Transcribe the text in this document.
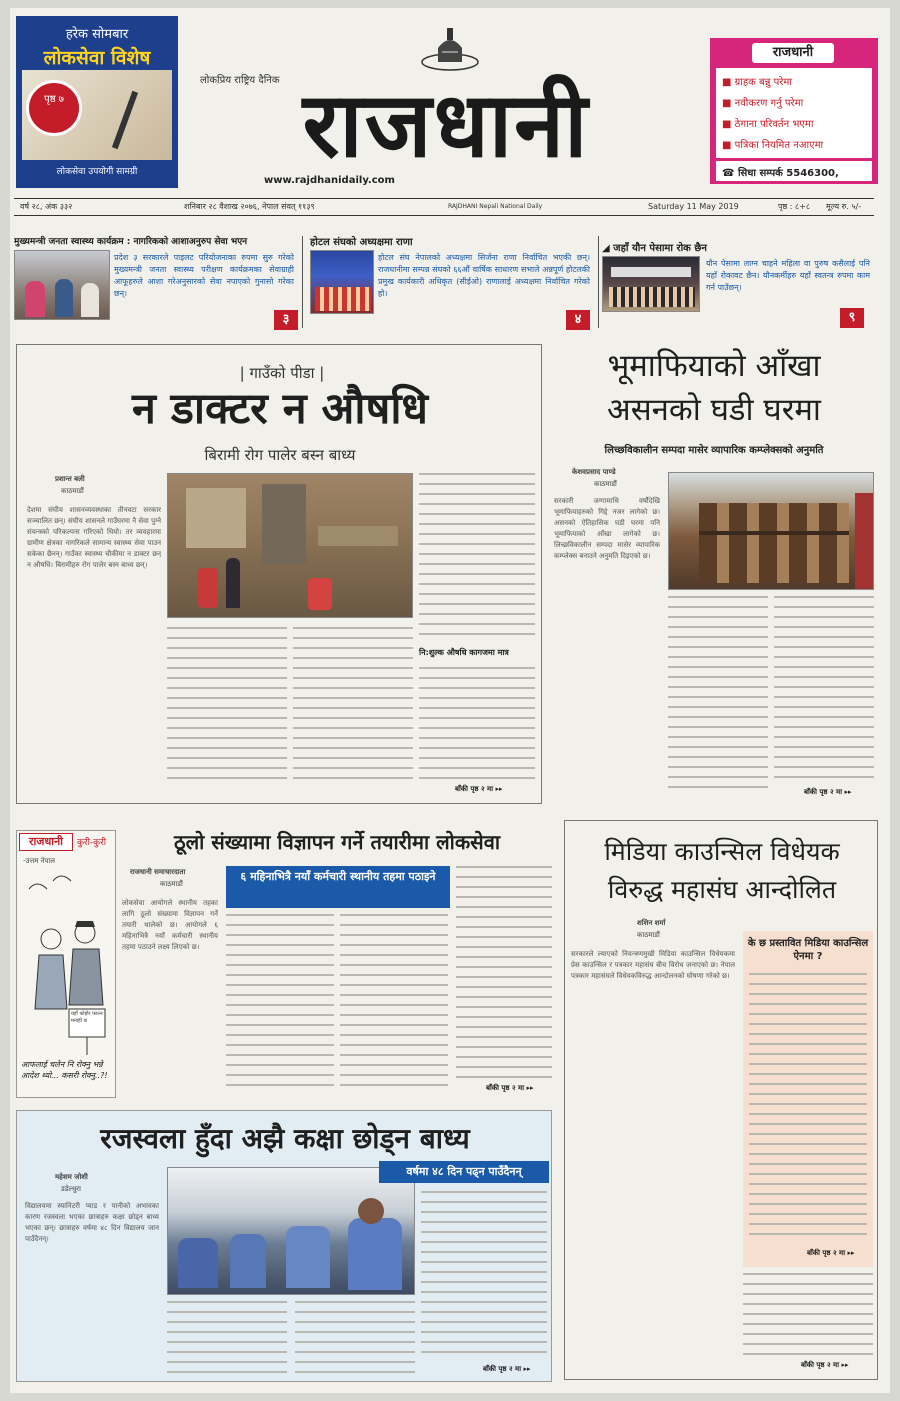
हरेक सोमबार
लोकसेवा विशेष
पृष्ठ ७
लोकसेवा उपयोगी सामग्री
लोकप्रिय राष्ट्रिय दैनिक राजधानी
www.rajdhanidaily.com
राजधानी
■ ग्राहक बन्नु परेमा
■ नवीकरण गर्नु परेमा
■ ठेगाना परिवर्तन भएमा
■ पत्रिका नियमित नआएमा
☎ सिधा सम्पर्क 5546300,
वर्ष २८, अंक ३३२	शनिबार २८ वैशाख २०७६, नेपाल संवत् ११३९	RAJDHANI Nepali National Daily	Saturday 11 May 2019	पृष्ठ : ८+८ मूल्य रु. ५/-
मुख्यमन्त्री जनता स्वास्थ्य कार्यक्रम : नागरिकको आशाअनुरुप सेवा भएन
प्रदेश ३ सरकारले पाइलट परियोजनाका रुपमा सुरु गरेको मुख्यमन्त्री जनता स्वास्थ्य परीक्षण कार्यक्रमका सेवाग्राही आफूहरुले आशा गरेअनुसारको सेवा नपाएको गुनासो गरेका छन्।
३
होटल संघको अध्यक्षमा राणा
होटल संघ नेपालको अध्यक्षमा सिर्जना राणा निर्वाचित भएकी छन्। राजधानीमा सम्पन्न संघको ६६औं वार्षिक साधारण सभाले अन्नपूर्ण होटलकी प्रमुख कार्यकारी अधिकृत (सीईओ) राणालाई अध्यक्षमा निर्वाचित गरेको हो।
४
◢ जहाँ यौन पेसामा रोक छैन
यौन पेसामा लाग्न चाहने महिला वा पुरुष कसैलाई पनि यहाँ रोकावट छैन। यौनकर्मीहरु यहाँ स्वतन्त्र रुपमा काम गर्न पाउँछन्।
९
| गाउँको पीडा |
न डाक्टर न औषधि
बिरामी रोग पालेर बस्न बाध्य
प्रशान्त बली
काठमाडौं
देशमा संघीय शासनव्यवस्थाका तीनवटा सरकार सञ्चालित छन्। संघीय शासनले गाउँघरमा नै सेवा पुग्ने संयन्त्रको परिकल्पना गरिएको थियो। तर व्यवहारमा ग्रामीण क्षेत्रका नागरिकले सामान्य स्वास्थ्य सेवा पाउन सकेका छैनन्। गाउँका स्वास्थ्य चौकीमा न डाक्टर छन् न औषधि। बिरामीहरु रोग पालेर बस्न बाध्य छन्।
नि:शुल्क औषधि कागजमा मात्र
बाँकी पृष्ठ २ मा ▸▸
भूमाफियाको आँखा
असनको घडी घरमा
लिच्छविकालीन सम्पदा मासेर व्यापारिक कम्प्लेक्सको अनुमति
केशवप्रसाद पाण्डे
काठमाडौं
सरकारी जग्गामाथि वर्षौदेखि भूमाफियाहरुको गिद्दे नजर लागेको छ। असनको ऐतिहासिक घडी घरमा पनि भूमाफियाको आँखा लागेको छ। लिच्छविकालीन सम्पदा मासेर व्यापारिक कम्प्लेक्स बनाउने अनुमति दिइएको छ।
बाँकी पृष्ठ २ मा ▸▸
राजधानी	कुरी-कुरी
-उत्तम नेपाल
यहाँ फोहोर फाल्न मनाही छ
आफलाई चलेन नि रोक्नु भन्ने आदेश थ्यो... कसरी रोक्नु..?!
ठूलो संख्यामा विज्ञापन गर्ने तयारीमा लोकसेवा
राजधानी समाचारदाता
काठमाडौं
लोकसेवा आयोगले स्थानीय तहका लागि ठूलो संख्यामा विज्ञापन गर्ने तयारी थालेको छ। आयोगले ६ महिनाभित्रै नयाँ कर्मचारी स्थानीय तहमा पठाउने लक्ष्य लिएको छ।
६ महिनाभित्रै नयाँ कर्मचारी स्थानीय तहमा पठाइने
बाँकी पृष्ठ २ मा ▸▸
मिडिया काउन्सिल विधेयक
विरुद्ध महासंघ आन्दोलित
शशिन शर्मा
काठमाडौं
सरकारले ल्याएको नियन्त्रणमुखी मिडिया काउन्सिल विधेयकमा प्रेस काउन्सिल र पत्रकार महासंघ बीच विरोध जनाएको छ। नेपाल पत्रकार महासंघले विधेयकविरुद्ध आन्दोलनको घोषणा गरेको छ।
के छ प्रस्तावित मिडिया काउन्सिल ऐनमा ?
बाँकी पृष्ठ २ मा ▸▸
बाँकी पृष्ठ २ मा ▸▸
रजस्वला हुँदा अझै कक्षा छोड्न बाध्य
महेशम जोशी
डडेल्धुरा
विद्यालयमा स्यानिटरी प्याड र पानीको अभावका कारण रजस्वला भएका छात्राहरु कक्षा छोड्न बाध्य भएका छन्। छात्राहरु वर्षमा ४८ दिन विद्यालय जान पाउँदैनन्।
वर्षमा ४८ दिन पढ्न पाउँदैनन्
बाँकी पृष्ठ २ मा ▸▸
